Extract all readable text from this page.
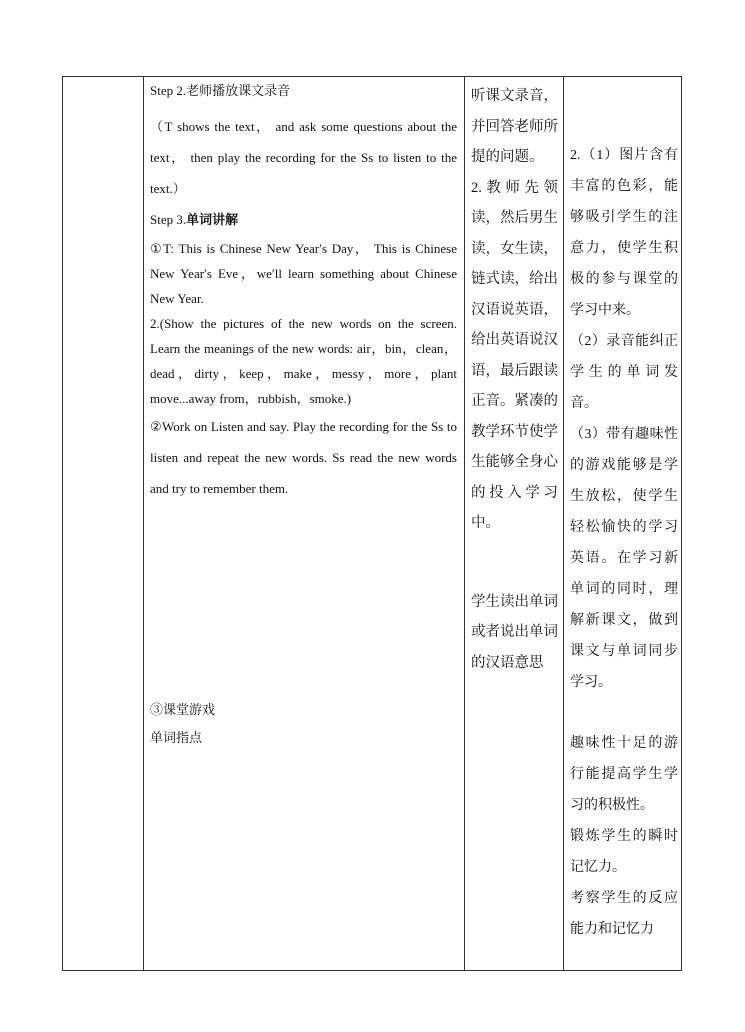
Step 2.老师播放课文录音

（T shows the text， and ask some questions about the text， then play the recording for the Ss to listen to the text.）

Step 3.单词讲解

①T: This is Chinese New Year′s Day， This is Chinese New Year′s Eve，we′ll learn something about Chinese New Year.

2.(Show the pictures of the new words on the screen. Learn the meanings of the new words: air，bin，clean，dead，dirty，keep，make，messy，more，plant move...away from，rubbish，smoke.)

②Work on Listen and say. Play the recording for the Ss to listen and repeat the new words. Ss read the new words and try to remember them.

③课堂游戏

单词指点

听课文录音，并回答老师所提的问题。

2.教师先领读，然后男生读，女生读，链式读，给出汉语说英语，给出英语说汉语，最后跟读正音。紧凑的教学环节使学生能够全身心的投入学习中。

学生读出单词或者说出单词的汉语意思

2.（1）图片含有丰富的色彩，能够吸引学生的注意力，使学生积极的参与课堂的学习中来。

（2）录音能纠正学生的单词发音。

（3）带有趣味性的游戏能够是学生放松，使学生轻松愉快的学习英语。在学习新单词的同时，理解新课文，做到课文与单词同步学习。

趣味性十足的游行能提高学生学习的积极性。

锻炼学生的瞬时记忆力。

考察学生的反应能力和记忆力
